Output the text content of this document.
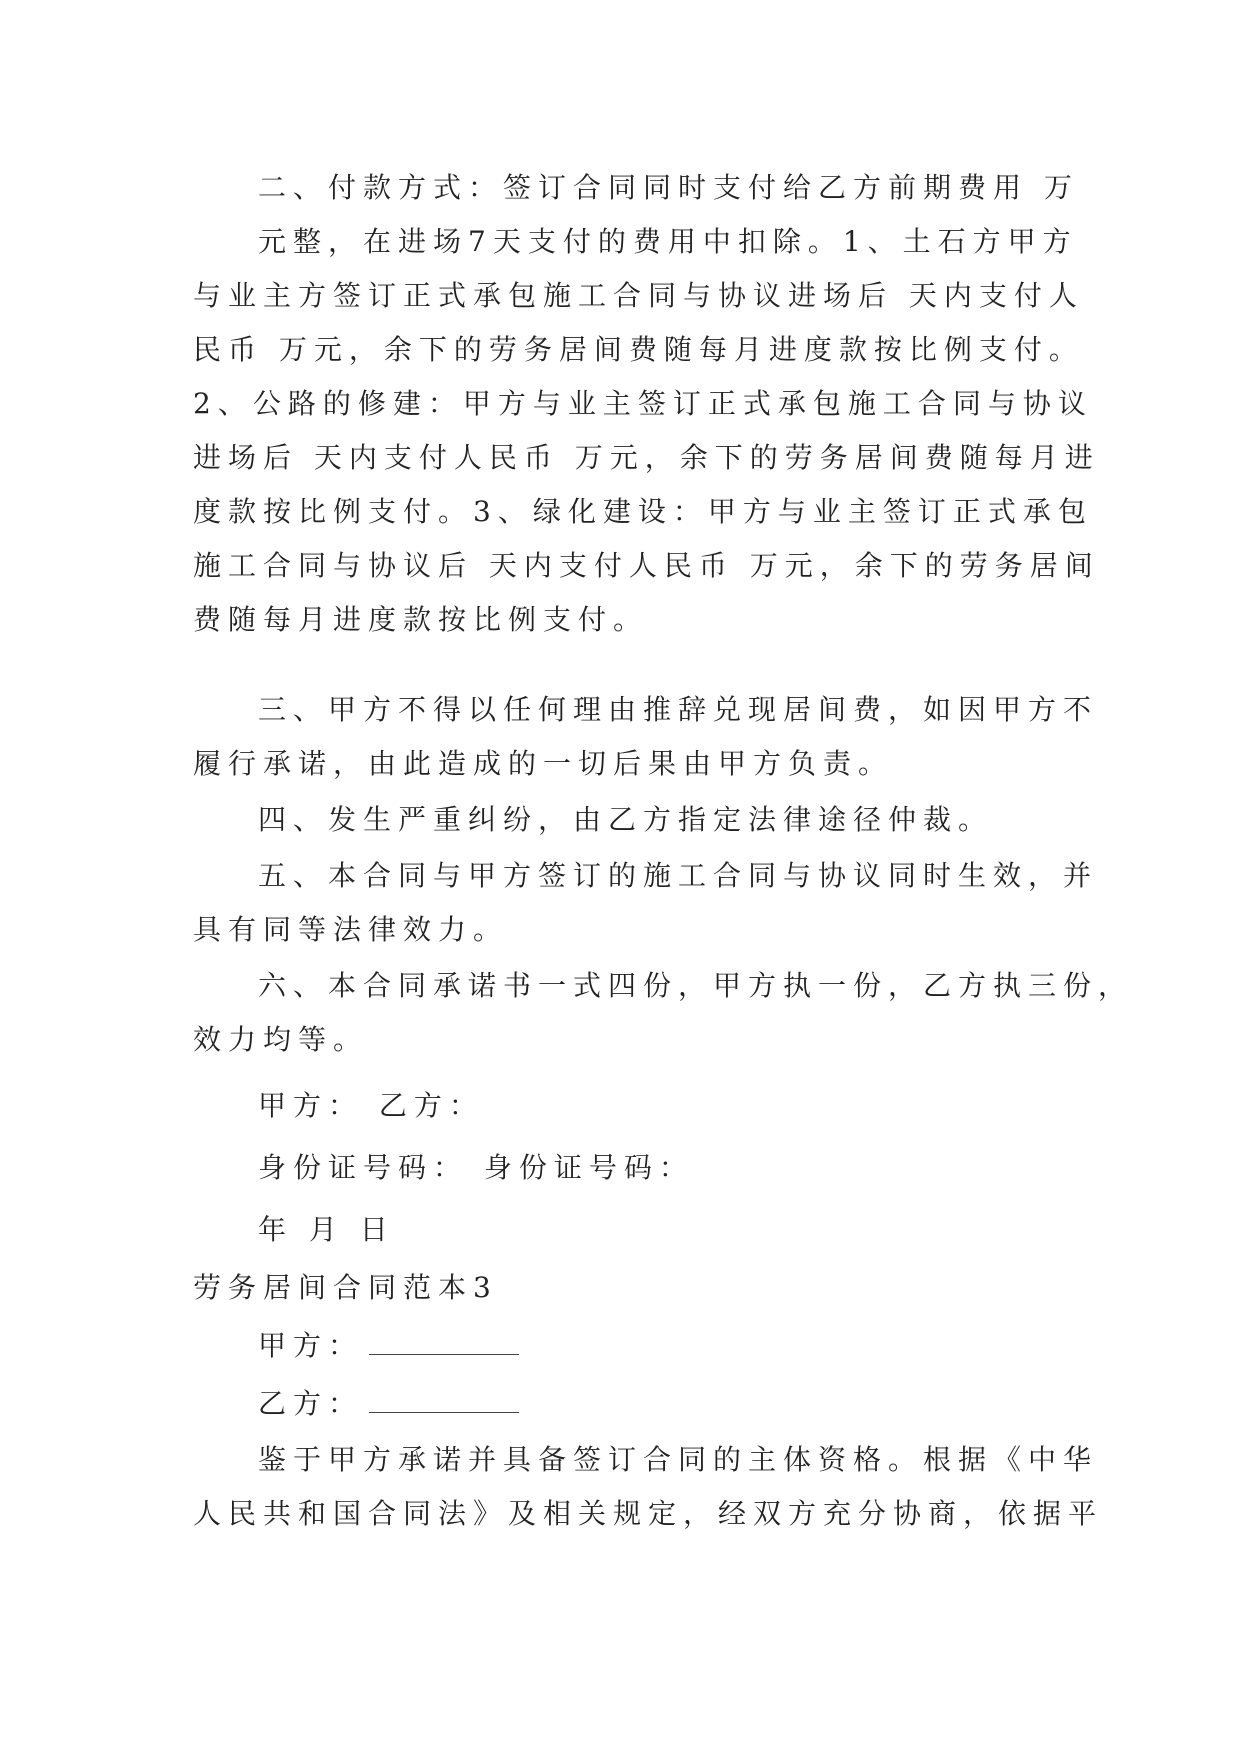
二、付款方式：签订合同同时支付给乙方前期费用 万
元整，在进场7天支付的费用中扣除。1、土石方甲方
与业主方签订正式承包施工合同与协议进场后 天内支付人
民币 万元，余下的劳务居间费随每月进度款按比例支付。
2、公路的修建：甲方与业主签订正式承包施工合同与协议
进场后 天内支付人民币 万元，余下的劳务居间费随每月进
度款按比例支付。3、绿化建设：甲方与业主签订正式承包
施工合同与协议后 天内支付人民币 万元，余下的劳务居间
费随每月进度款按比例支付。
三、甲方不得以任何理由推辞兑现居间费，如因甲方不
履行承诺，由此造成的一切后果由甲方负责。
四、发生严重纠纷，由乙方指定法律途径仲裁。
五、本合同与甲方签订的施工合同与协议同时生效，并
具有同等法律效力。
六、本合同承诺书一式四份，甲方执一份，乙方执三份，
效力均等。
甲方： 乙方：
身份证号码： 身份证号码：
年 月 日
劳务居间合同范本3
甲方：
乙方：
鉴于甲方承诺并具备签订合同的主体资格。根据《中华
人民共和国合同法》及相关规定，经双方充分协商，依据平
